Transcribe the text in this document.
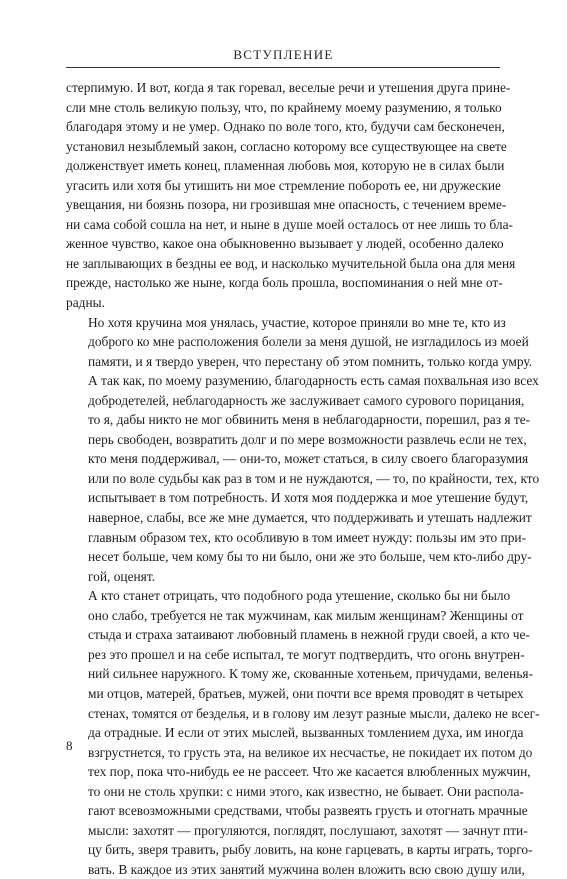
ВСТУПЛЕНИЕ

стерпимую. И вот, когда я так горевал, веселые речи и утешения друга прине-
сли мне столь великую пользу, что, по крайнему моему разумению, я только
благодаря этому и не умер. Однако по воле того, кто, будучи сам бесконечен,
установил незыблемый закон, согласно которому все существующее на свете
долженствует иметь конец, пламенная любовь моя, которую не в силах были
угасить или хотя бы утишить ни мое стремление побороть ее, ни дружеские
увещания, ни боязнь позора, ни грозившая мне опасность, с течением време-
ни сама собой сошла на нет, и ныне в душе моей осталось от нее лишь то бла-
женное чувство, какое она обыкновенно вызывает у людей, особенно далеко
не заплывающих в бездны ее вод, и насколько мучительной была она для меня
прежде, настолько же ныне, когда боль прошла, воспоминания о ней мне от-
радны.

Но хотя кручина моя унялась, участие, которое приняли во мне те, кто из
доброго ко мне расположения болели за меня душой, не изгладилось из моей
памяти, и я твердо уверен, что перестану об этом помнить, только когда умру.
А так как, по моему разумению, благодарность есть самая похвальная изо всех
добродетелей, неблагодарность же заслуживает самого сурового порицания,
то я, дабы никто не мог обвинить меня в неблагодарности, порешил, раз я те-
перь свободен, возвратить долг и по мере возможности развлечь если не тех,
кто меня поддерживал, — они-то, может статься, в силу своего благоразумия
или по воле судьбы как раз в том и не нуждаются, — то, по крайности, тех, кто
испытывает в том потребность. И хотя моя поддержка и мое утешение будут,
наверное, слабы, все же мне думается, что поддерживать и утешать надлежит
главным образом тех, кто особливую в том имеет нужду: пользы им это при-
несет больше, чем кому бы то ни было, они же это больше, чем кто-либо дру-
гой, оценят.

А кто станет отрицать, что подобного рода утешение, сколько бы ни было
оно слабо, требуется не так мужчинам, как милым женщинам? Женщины от
стыда и страха затаивают любовный пламень в нежной груди своей, а кто че-
рез это прошел и на себе испытал, те могут подтвердить, что огонь внутрен-
ний сильнее наружного. К тому же, скованные хотеньем, причудами, веленья-
ми отцов, матерей, братьев, мужей, они почти все время проводят в четырех
стенах, томятся от безделья, и в голову им лезут разные мысли, далеко не всег-
да отрадные. И если от этих мыслей, вызванных томлением духа, им иногда
взгрустнется, то грусть эта, на великое их несчастье, не покидает их потом до
тех пор, пока что-нибудь ее не рассеет. Что же касается влюбленных мужчин,
то они не столь хрупки: с ними этого, как известно, не бывает. Они распола-
гают всевозможными средствами, чтобы развеять грусть и отогнать мрачные
мысли: захотят — прогуляются, поглядят, послушают, захотят — зачнут пти-
цу бить, зверя травить, рыбу ловить, на коне гарцевать, в карты играть, торго-
вать. В каждое из этих занятий мужчина волен вложить всю свою душу или,

8
